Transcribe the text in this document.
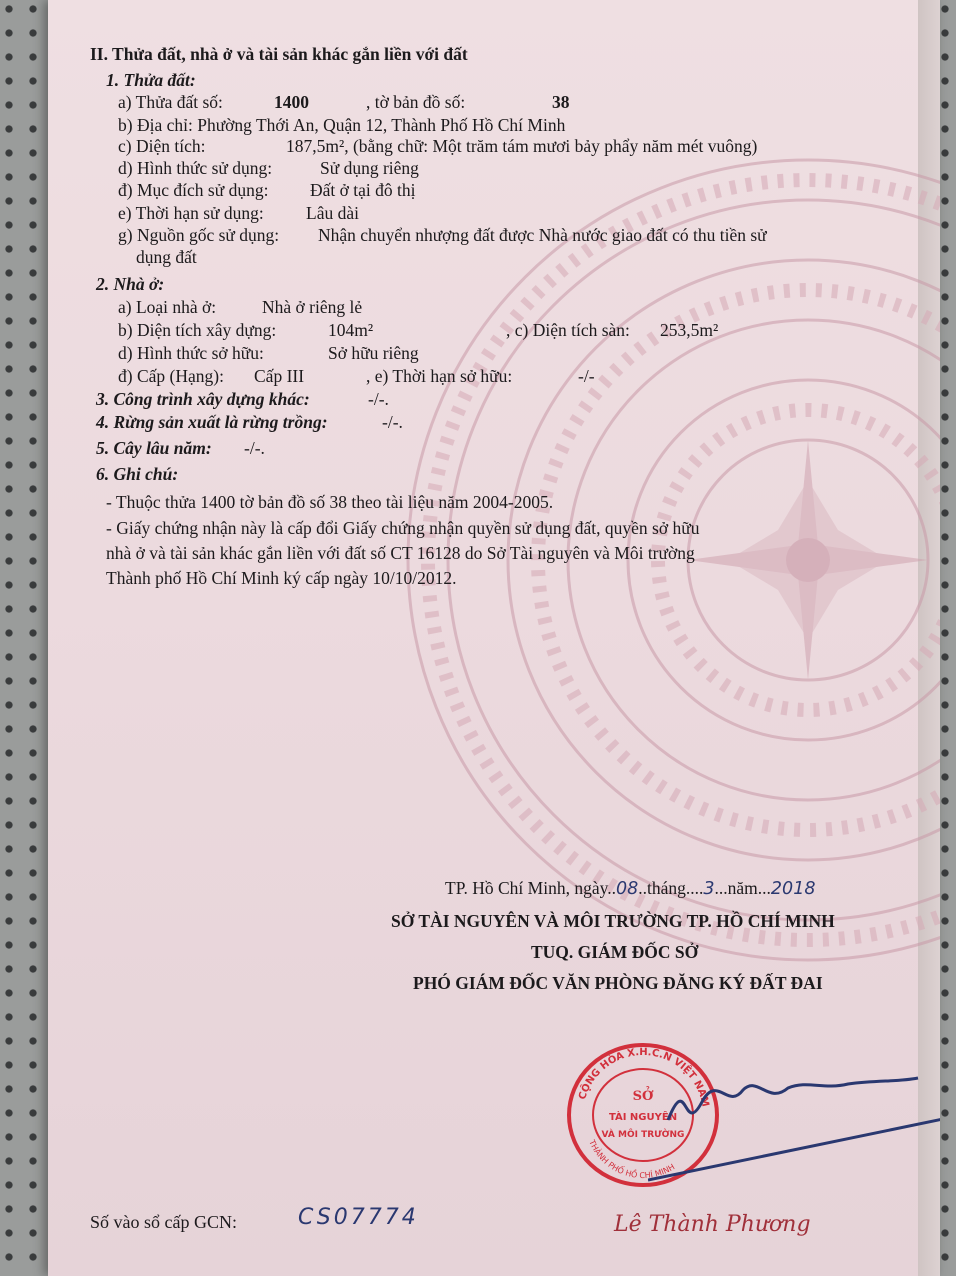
II. Thửa đất, nhà ở và tài sản khác gắn liền với đất
1. Thửa đất:
a) Thửa đất số:	1400	, tờ bản đồ số:	38
b) Địa chỉ: Phường Thới An, Quận 12, Thành Phố Hồ Chí Minh
c) Diện tích:	187,5m², (bằng chữ: Một trăm tám mươi bảy phẩy năm mét vuông)
d) Hình thức sử dụng:	Sử dụng riêng
đ) Mục đích sử dụng: Đất ở tại đô thị
e) Thời hạn sử dụng: Lâu dài
g) Nguồn gốc sử dụng: Nhận chuyển nhượng đất được Nhà nước giao đất có thu tiền sử
dụng đất
2. Nhà ở:
a) Loại nhà ở:	Nhà ở riêng lẻ
b) Diện tích xây dựng:	104m²	, c) Diện tích sàn: 253,5m²
d) Hình thức sở hữu:	Sở hữu riêng
đ) Cấp (Hạng): Cấp III	, e) Thời hạn sở hữu:	-/-
3. Công trình xây dựng khác:	-/-.
4. Rừng sản xuất là rừng trồng:	-/-.
5. Cây lâu năm: -/-.
6. Ghi chú:
- Thuộc thửa 1400 tờ bản đồ số 38 theo tài liệu năm 2004-2005.
- Giấy chứng nhận này là cấp đổi Giấy chứng nhận quyền sử dụng đất, quyền sở hữu
nhà ở và tài sản khác gắn liền với đất số CT 16128 do Sở Tài nguyên và Môi trường
Thành phố Hồ Chí Minh ký cấp ngày 10/10/2012.
TP. Hồ Chí Minh, ngày..08..tháng....3...năm...2018
SỞ TÀI NGUYÊN VÀ MÔI TRƯỜNG TP. HỒ CHÍ MINH
TUQ. GIÁM ĐỐC SỞ
PHÓ GIÁM ĐỐC VĂN PHÒNG ĐĂNG KÝ ĐẤT ĐAI
CỘNG HÒA X.H.C.N VIỆT NAM
THÀNH PHỐ HỒ CHÍ MINH
SỞ
TÀI NGUYÊN
VÀ MÔI TRƯỜNG
Lê Thành Phương
Số vào sổ cấp GCN:	CS07774
